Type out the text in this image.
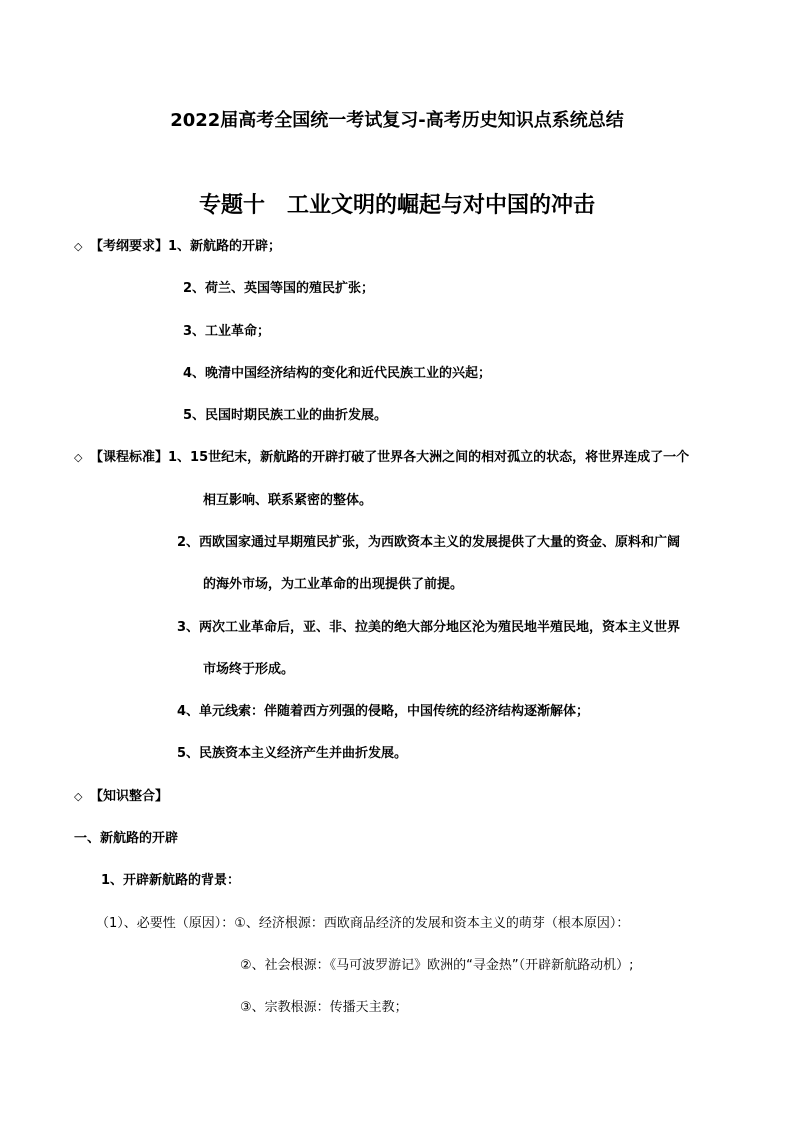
2022届高考全国统一考试复习-高考历史知识点系统总结
专题十　工业文明的崛起与对中国的冲击
◇ 【考纲要求】1、新航路的开辟；
2、荷兰、英国等国的殖民扩张；
3、工业革命；
4、晚清中国经济结构的变化和近代民族工业的兴起；
5、民国时期民族工业的曲折发展。
◇ 【课程标准】1、15世纪末，新航路的开辟打破了世界各大洲之间的相对孤立的状态，将世界连成了一个
相互影响、联系紧密的整体。
2、西欧国家通过早期殖民扩张，为西欧资本主义的发展提供了大量的资金、原料和广阔
的海外市场，为工业革命的出现提供了前提。
3、两次工业革命后，亚、非、拉美的绝大部分地区沦为殖民地半殖民地，资本主义世界
市场终于形成。
4、单元线索：伴随着西方列强的侵略，中国传统的经济结构逐渐解体；
5、民族资本主义经济产生并曲折发展。
◇ 【知识整合】
一、新航路的开辟
1、开辟新航路的背景：
（1）、必要性（原因）：①、经济根源：西欧商品经济的发展和资本主义的萌芽（根本原因）：
②、社会根源：《马可波罗游记》欧洲的“寻金热”（开辟新航路动机）;
③、宗教根源：传播天主教；
